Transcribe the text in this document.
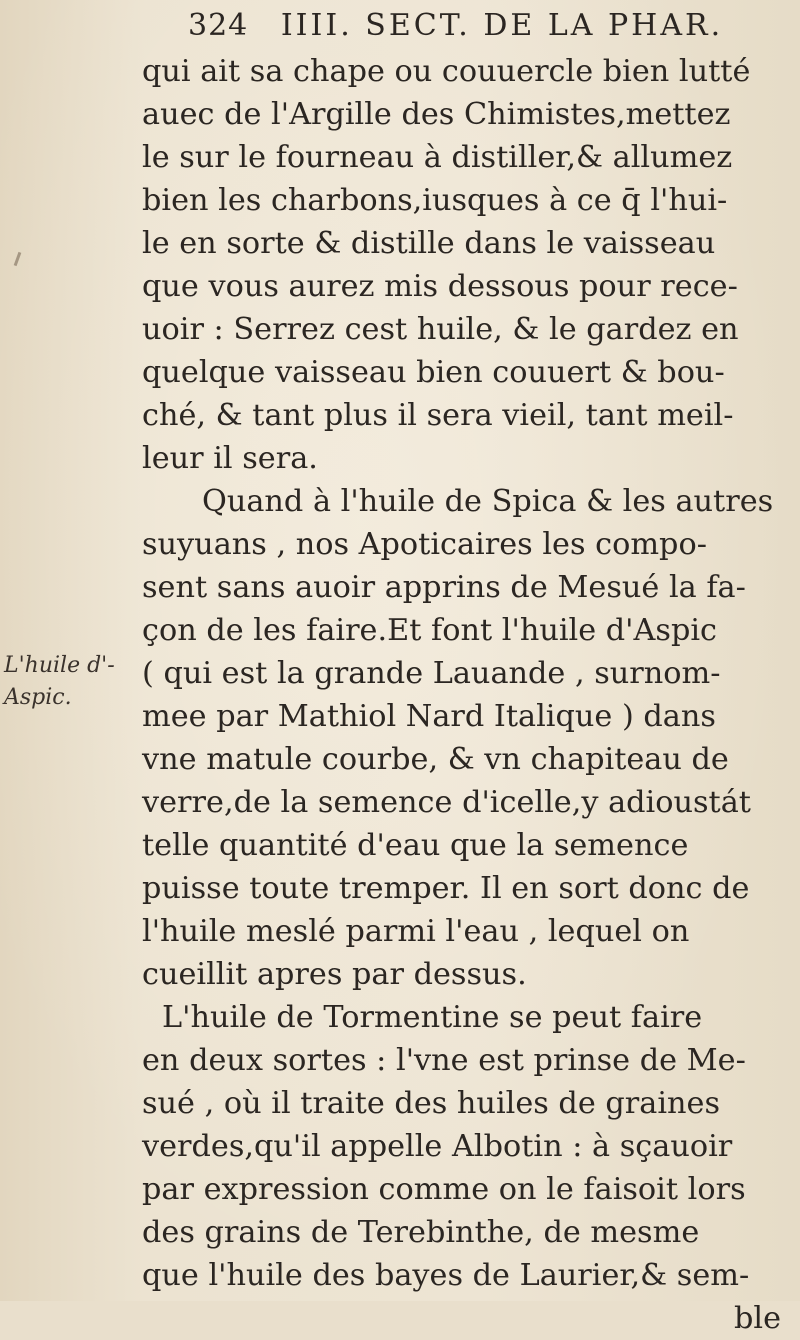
324 IIII. SECT. DE LA PHAR.
L'huile d'-
Aspic.
qui ait sa chape ou couuercle bien lutté
auec de l'Argille des Chimistes,mettez
le sur le fourneau à distiller,& allumez
bien les charbons,iusques à ce q̄ l'hui-
le en sorte & distille dans le vaisseau
que vous aurez mis dessous pour rece-
uoir : Serrez cest huile, & le gardez en
quelque vaisseau bien couuert & bou-
ché, & tant plus il sera vieil, tant meil-
leur il sera.
Quand à l'huile de Spica & les autres
suyuans , nos Apoticaires les compo-
sent sans auoir apprins de Mesué la fa-
çon de les faire.Et font l'huile d'Aspic
( qui est la grande Lauande , surnom-
mee par Mathiol Nard Italique ) dans
vne matule courbe, & vn chapiteau de
verre,de la semence d'icelle,y adioustát
telle quantité d'eau que la semence
puisse toute tremper. Il en sort donc de
l'huile meslé parmi l'eau , lequel on
cueillit apres par dessus.
L'huile de Tormentine se peut faire
en deux sortes : l'vne est prinse de Me-
sué , où il traite des huiles de graines
verdes,qu'il appelle Albotin : à sçauoir
par expression comme on le faisoit lors
des grains de Terebinthe, de mesme
que l'huile des bayes de Laurier,& sem-
ble
